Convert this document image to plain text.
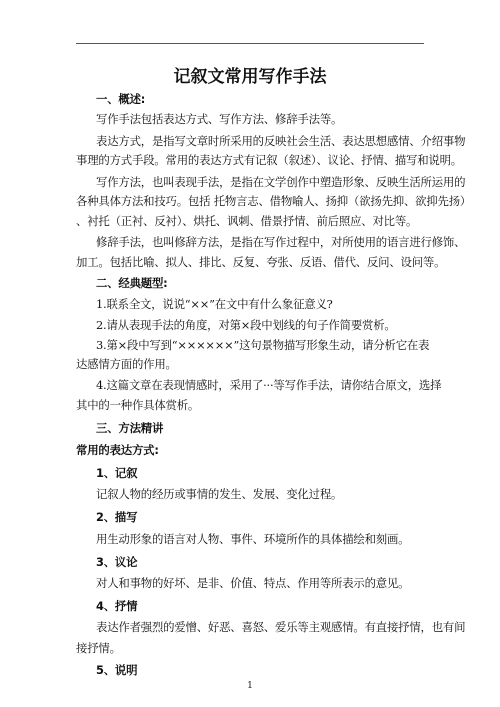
记叙文常用写作手法
一、概述:
写作手法包括表达方式、写作方法、修辞手法等。
表达方式，是指写文章时所采用的反映社会生活、表达思想感情、介绍事物
事理的方式手段。常用的表达方式有记叙（叙述）、议论、抒情、描写和说明。
写作方法，也叫表现手法，是指在文学创作中塑造形象、反映生活所运用的
各种具体方法和技巧。包括 托物言志、借物喻人、扬抑（欲扬先抑、欲抑先扬）
、衬托（正衬、反衬）、烘托、讽刺、借景抒情、前后照应、对比等。
修辞手法，也叫修辞方法，是指在写作过程中，对所使用的语言进行修饰、
加工。包括比喻、拟人、排比、反复、夸张、反语、借代、反问、设问等。
二、经典题型:
1.联系全文，说说“××”在文中有什么象征意义?
2.请从表现手法的角度，对第×段中划线的句子作简要赏析。
3.第×段中写到“××××××”这句景物描写形象生动，请分析它在表
达感情方面的作用。
4.这篇文章在表现情感时，采用了···等写作手法，请你结合原文，选择
其中的一种作具体赏析。
三、方法精讲
常用的表达方式:
1、记叙
记叙人物的经历或事情的发生、发展、变化过程。
2、描写
用生动形象的语言对人物、事件、环境所作的具体描绘和刻画。
3、议论
对人和事物的好坏、是非、价值、特点、作用等所表示的意见。
4、抒情
表达作者强烈的爱憎、好恶、喜怒、爱乐等主观感情。有直接抒情，也有间
接抒情。
5、说明
1
